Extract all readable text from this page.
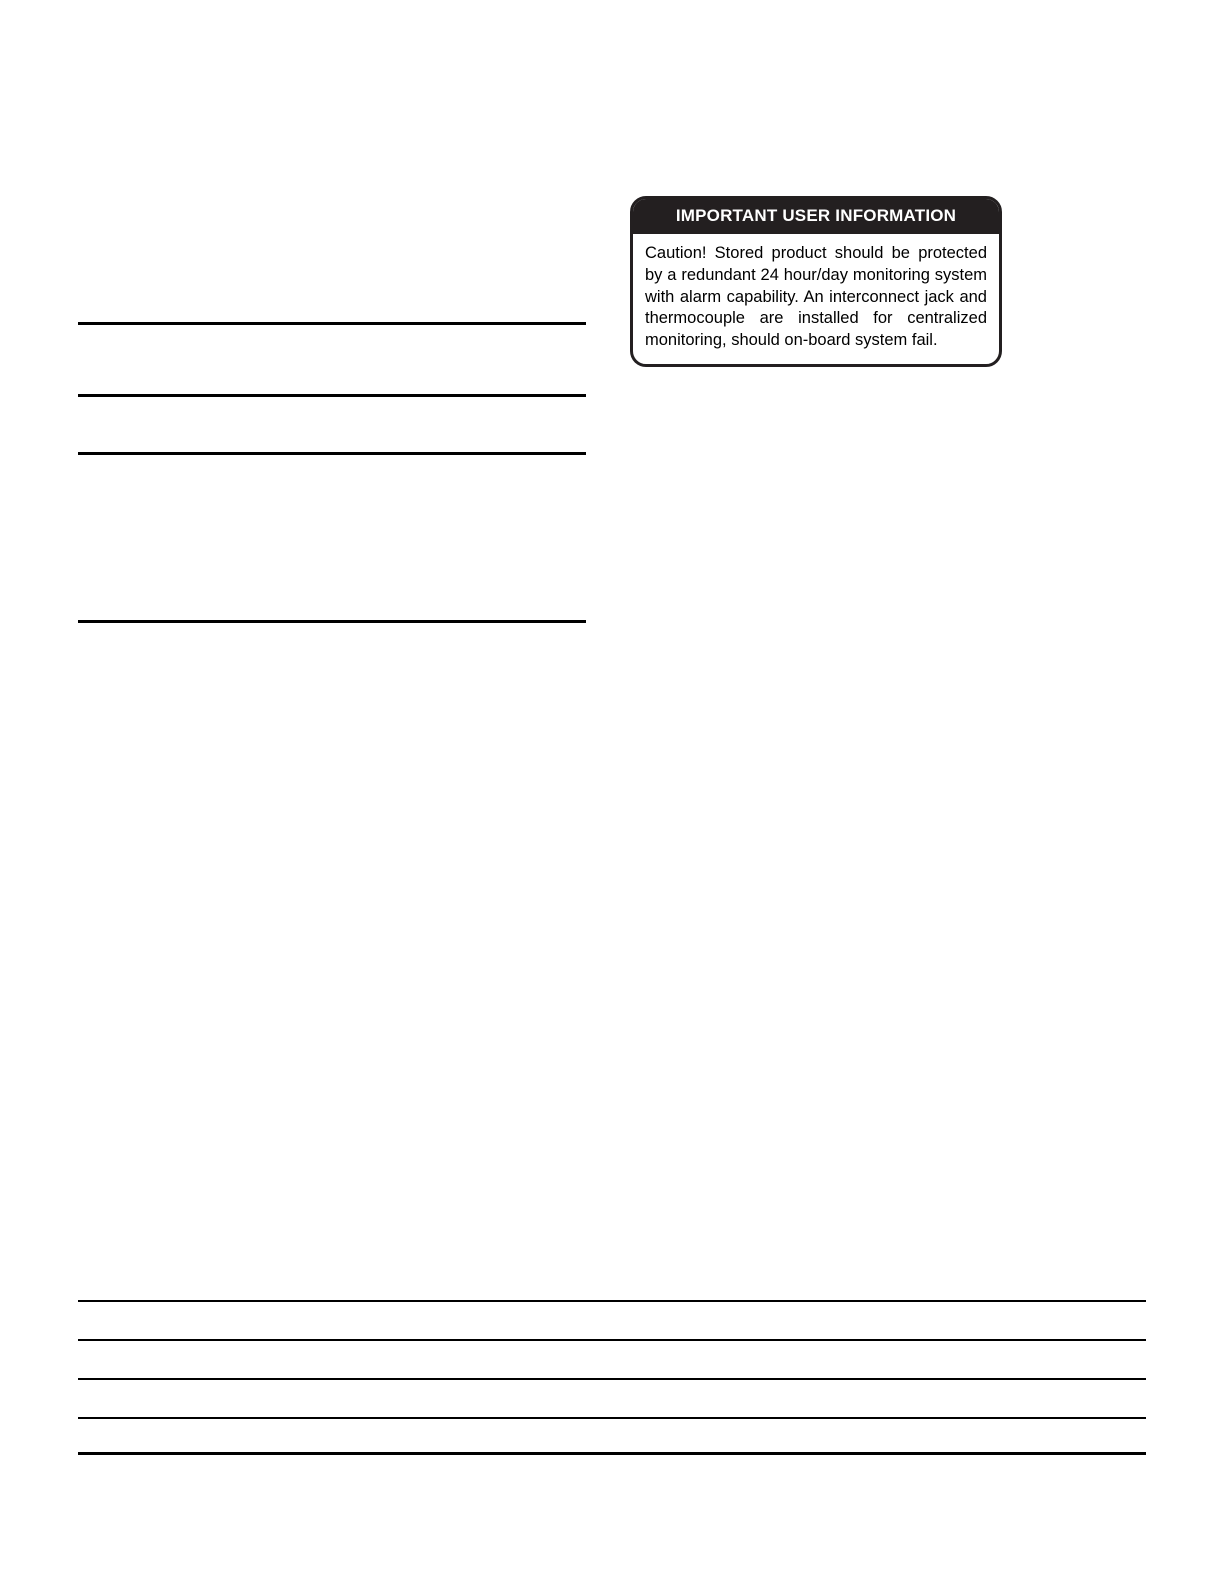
IMPORTANT USER INFORMATION
Caution! Stored product should be protected by a redundant 24 hour/day monitoring system with alarm capability. An interconnect jack and thermocouple are installed for centralized monitoring, should on-board system fail.
